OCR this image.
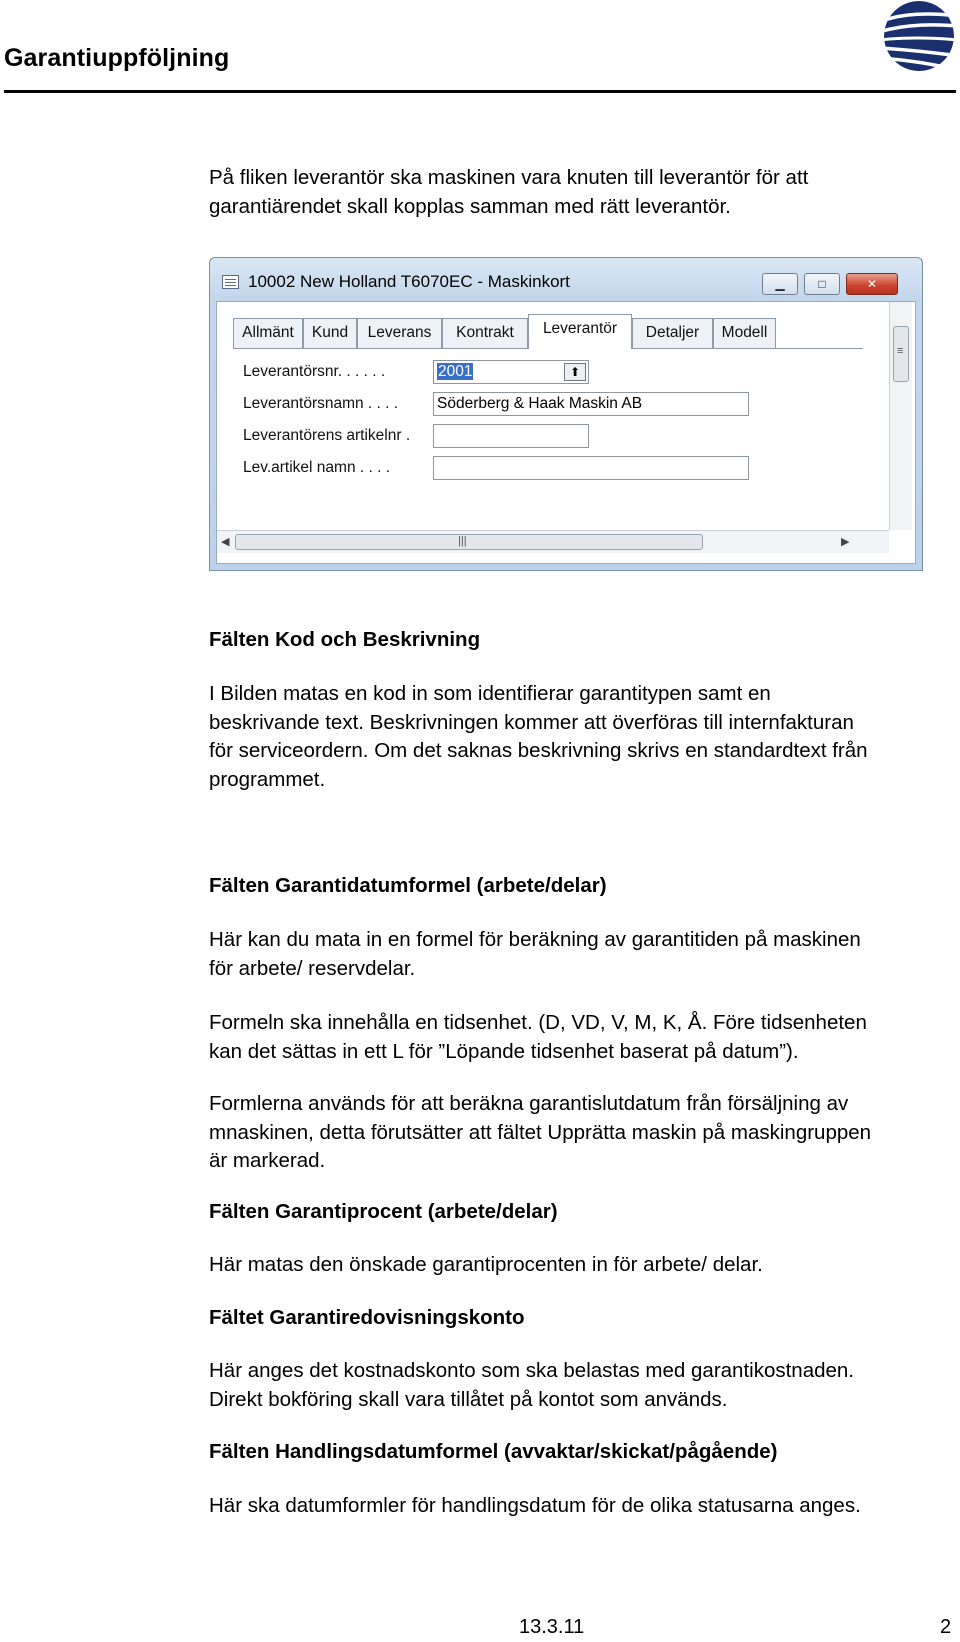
Garantiuppföljning

På fliken leverantör ska maskinen vara knuten till leverantör för att
garantiärendet skall kopplas samman med rätt leverantör.

10002 New Holland T6070EC - Maskinkort	▁	□	✕
Allmänt	Kund	Leverans	Kontrakt	Leverantör	Detaljer	Modell
Leverantörsnr. . . . . .	2001	⬆
Leverantörsnamn . . . .	Söderberg & Haak Maskin AB
Leverantörens artikelnr .
Lev.artikel namn . . . .
≡
◀	|||	▶

Fälten Kod och Beskrivning

I Bilden matas en kod in som identifierar garantitypen samt en
beskrivande text. Beskrivningen kommer att överföras till internfakturan
för serviceordern. Om det saknas beskrivning skrivs en standardtext från
programmet.

Fälten Garantidatumformel (arbete/delar)

Här kan du mata in en formel för beräkning av garantitiden på maskinen
för arbete/ reservdelar.

Formeln ska innehålla en tidsenhet. (D, VD, V, M, K, Å. Före tidsenheten
kan det sättas in ett L för ”Löpande tidsenhet baserat på datum”).

Formlerna används för att beräkna garantislutdatum från försäljning av
mnaskinen, detta förutsätter att fältet Upprätta maskin på maskingruppen
är markerad.

Fälten Garantiprocent (arbete/delar)

Här matas den önskade garantiprocenten in för arbete/ delar.

Fältet Garantiredovisningskonto

Här anges det kostnadskonto som ska belastas med garantikostnaden.
Direkt bokföring skall vara tillåtet på kontot som används.

Fälten Handlingsdatumformel (avvaktar/skickat/pågående)

Här ska datumformler för handlingsdatum för de olika statusarna anges.

13.3.11	2
